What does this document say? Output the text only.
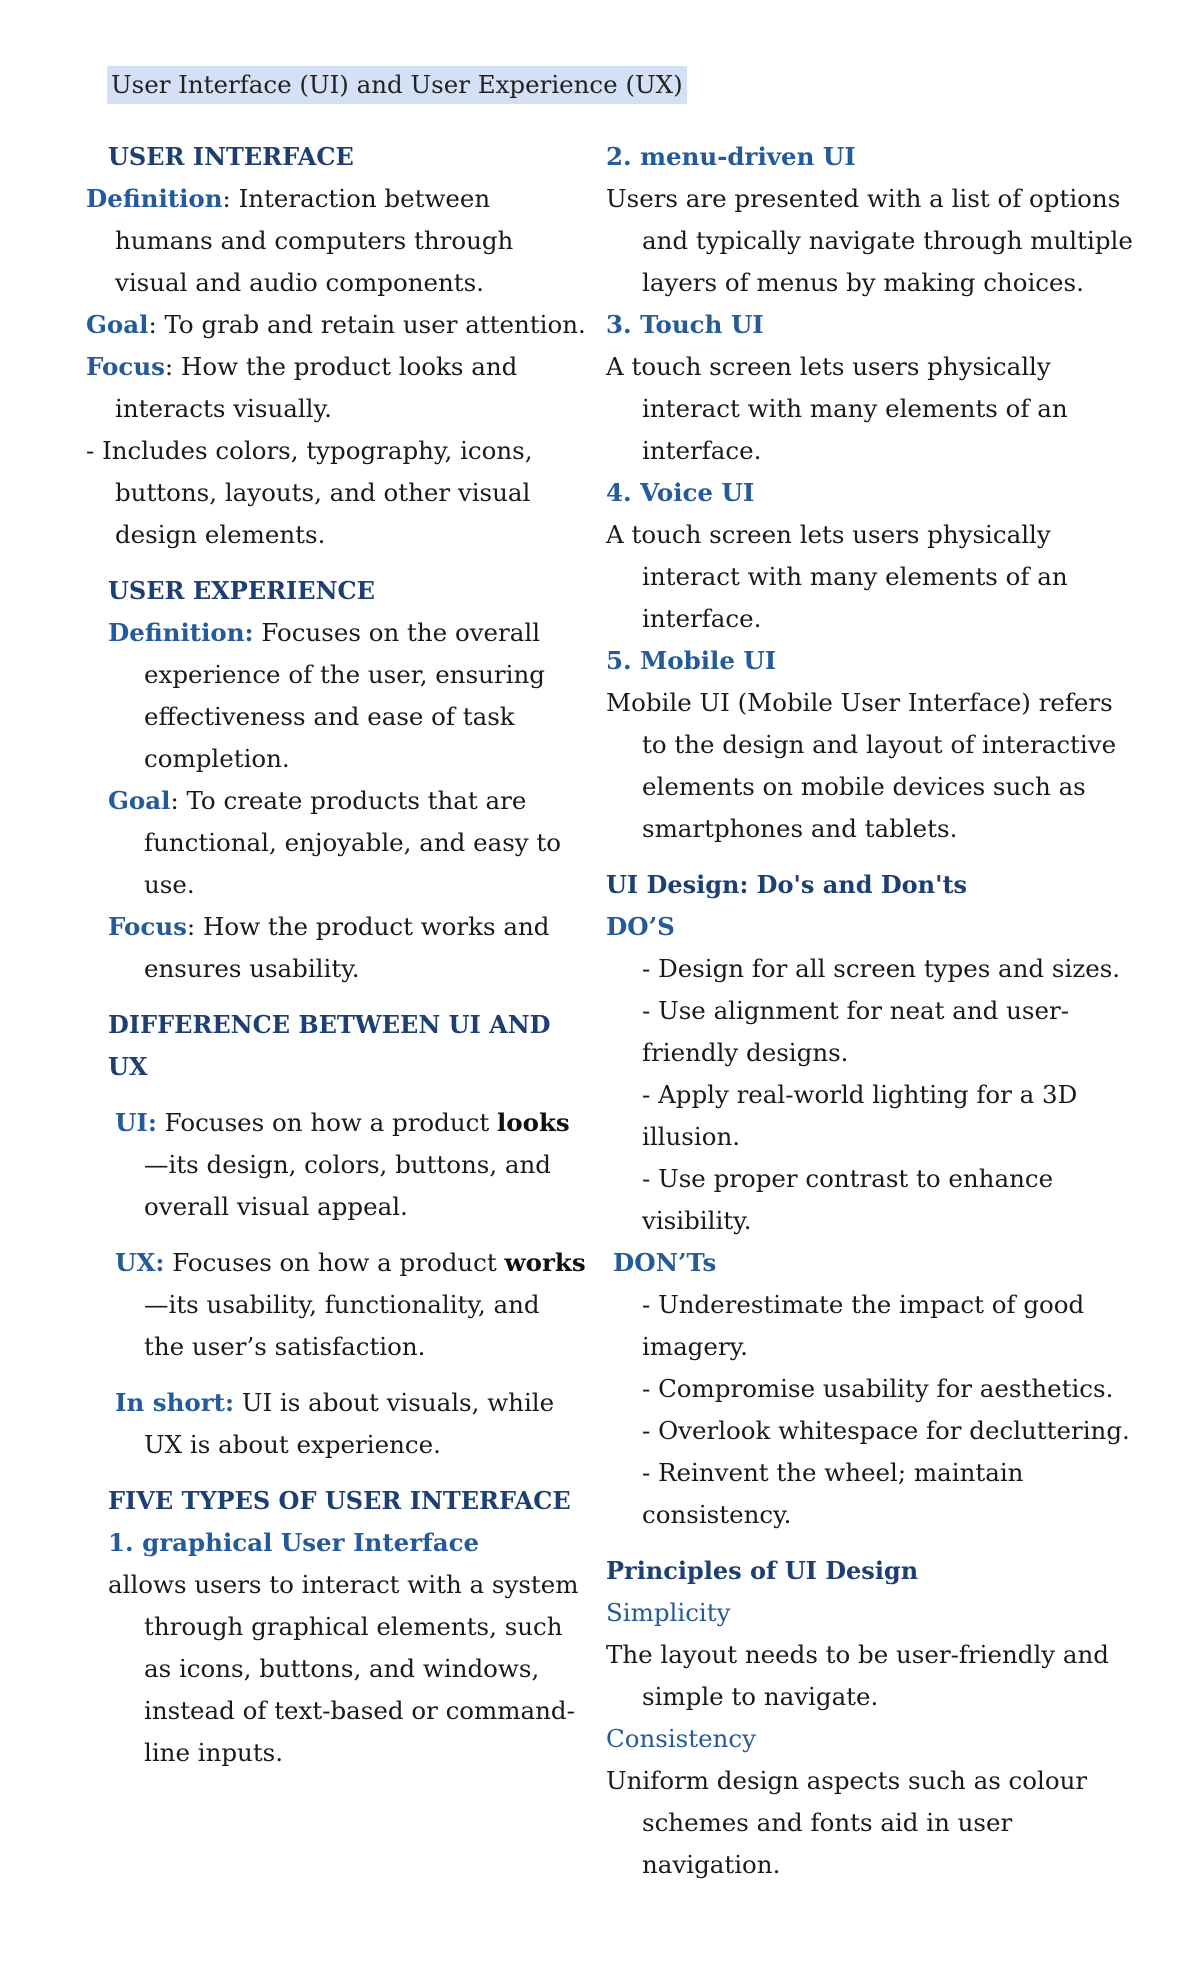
User Interface (UI) and User Experience (UX)
USER INTERFACE

Definition: Interaction between humans and computers through visual and audio components.

Goal: To grab and retain user attention.

Focus: How the product looks and interacts visually.

- Includes colors, typography, icons, buttons, layouts, and other visual design elements.

USER EXPERIENCE

Definition: Focuses on the overall experience of the user, ensuring effectiveness and ease of task completion.

Goal: To create products that are functional, enjoyable, and easy to use.

Focus: How the product works and ensures usability.

DIFFERENCE BETWEEN UI AND UX

UI: Focuses on how a product looks—its design, colors, buttons, and overall visual appeal.

UX: Focuses on how a product works—its usability, functionality, and the user’s satisfaction.

In short: UI is about visuals, while UX is about experience.

FIVE TYPES OF USER INTERFACE
1. graphical User Interface

allows users to interact with a system through graphical elements, such as icons, buttons, and windows, instead of text-based or command-line inputs.

2. menu-driven UI

Users are presented with a list of options and typically navigate through multiple layers of menus by making choices.

3. Touch UI

A touch screen lets users physically interact with many elements of an interface.

4. Voice UI

A touch screen lets users physically interact with many elements of an interface.

5. Mobile UI

Mobile UI (Mobile User Interface) refers to the design and layout of interactive elements on mobile devices such as smartphones and tablets.

UI Design: Do's and Don'ts
DO’S

- Design for all screen types and sizes.

- Use alignment for neat and user-friendly designs.

- Apply real-world lighting for a 3D illusion.

- Use proper contrast to enhance visibility.

DON’Ts

- Underestimate the impact of good imagery.

- Compromise usability for aesthetics.

- Overlook whitespace for decluttering.

- Reinvent the wheel; maintain consistency.

Principles of UI Design
Simplicity

The layout needs to be user-friendly and simple to navigate.

Consistency

Uniform design aspects such as colour schemes and fonts aid in user navigation.
